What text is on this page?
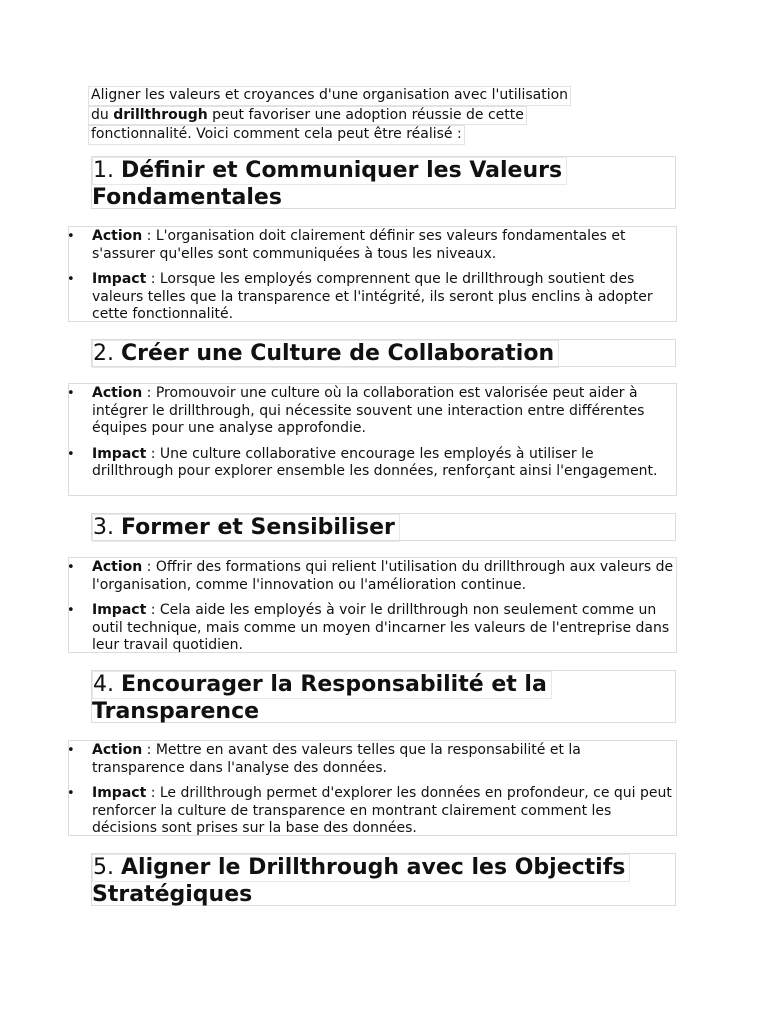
Aligner les valeurs et croyances d'une organisation avec l'utilisation
du drillthrough peut favoriser une adoption réussie de cette
fonctionnalité. Voici comment cela peut être réalisé :
1. Définir et Communiquer les Valeurs
Fondamentales
• Action : L'organisation doit clairement définir ses valeurs fondamentales et s'assurer qu'elles sont communiquées à tous les niveaux.
• Impact : Lorsque les employés comprennent que le drillthrough soutient des valeurs telles que la transparence et l'intégrité, ils seront plus enclins à adopter cette fonctionnalité.
2. Créer une Culture de Collaboration
• Action : Promouvoir une culture où la collaboration est valorisée peut aider à intégrer le drillthrough, qui nécessite souvent une interaction entre différentes équipes pour une analyse approfondie.
• Impact : Une culture collaborative encourage les employés à utiliser le drillthrough pour explorer ensemble les données, renforçant ainsi l'engagement.
3. Former et Sensibiliser
• Action : Offrir des formations qui relient l'utilisation du drillthrough aux valeurs de l'organisation, comme l'innovation ou l'amélioration continue.
• Impact : Cela aide les employés à voir le drillthrough non seulement comme un outil technique, mais comme un moyen d'incarner les valeurs de l'entreprise dans leur travail quotidien.
4. Encourager la Responsabilité et la
Transparence
• Action : Mettre en avant des valeurs telles que la responsabilité et la transparence dans l'analyse des données.
• Impact : Le drillthrough permet d'explorer les données en profondeur, ce qui peut renforcer la culture de transparence en montrant clairement comment les décisions sont prises sur la base des données.
5. Aligner le Drillthrough avec les Objectifs
Stratégiques
